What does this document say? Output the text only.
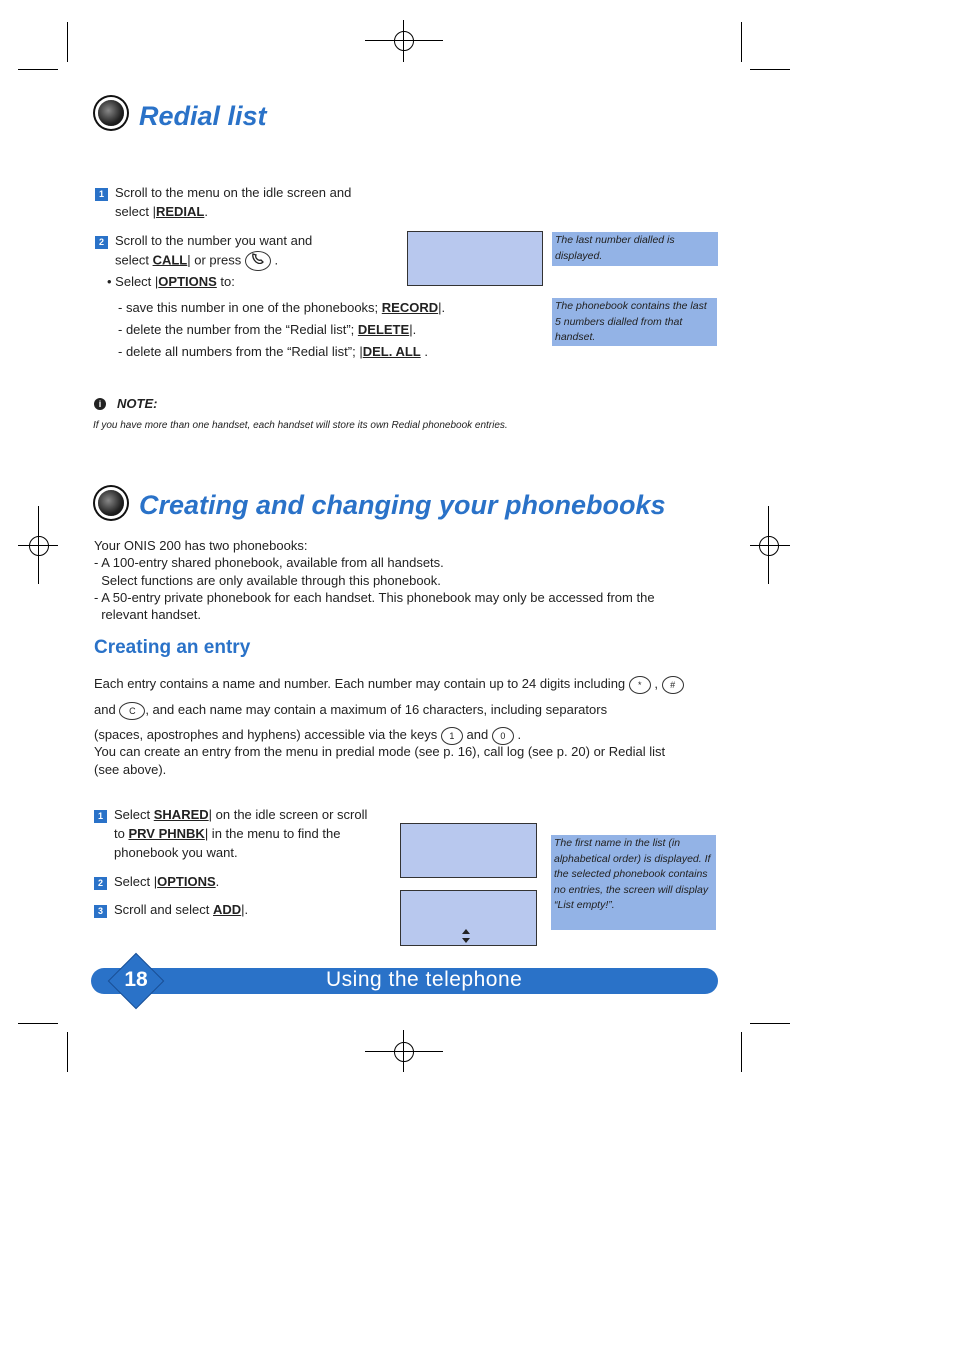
Redial list
1 Scroll to the menu on the idle screen and
select |REDIAL.
2 Scroll to the number you want and
select CALL| or press	.
• Select |OPTIONS to:
- save this number in one of the phonebooks; RECORD|.
- delete the number from the “Redial list”; DELETE|.
- delete all numbers from the “Redial list”; |DEL. ALL .
The last number dialled is displayed.
The phonebook contains the last 5 numbers dialled from that handset.
i	NOTE:
If you have more than one handset, each handset will store its own Redial phonebook entries.
Creating and changing your phonebooks
Your ONIS 200 has two phonebooks:
- A 100-entry shared phonebook, available from all handsets.
Select functions are only available through this phonebook.
- A 50-entry private phonebook for each handset. This phonebook may only be accessed from the
relevant handset.
Creating an entry
Each entry contains a name and number. Each number may contain up to 24 digits including * , #
and C , and each name may contain a maximum of 16 characters, including separators
(spaces, apostrophes and hyphens) accessible via the keys 1 and 0 .
You can create an entry from the menu in predial mode (see p. 16), call log (see p. 20) or Redial list
(see above).
1 Select SHARED| on the idle screen or scroll
to PRV PHNBK| in the menu to find the
phonebook you want.
2 Select |OPTIONS.
3 Scroll and select ADD|.
The first name in the list (in alphabetical order) is displayed. If the selected phonebook contains no entries, the screen will display “List empty!”.
18	Using the telephone
